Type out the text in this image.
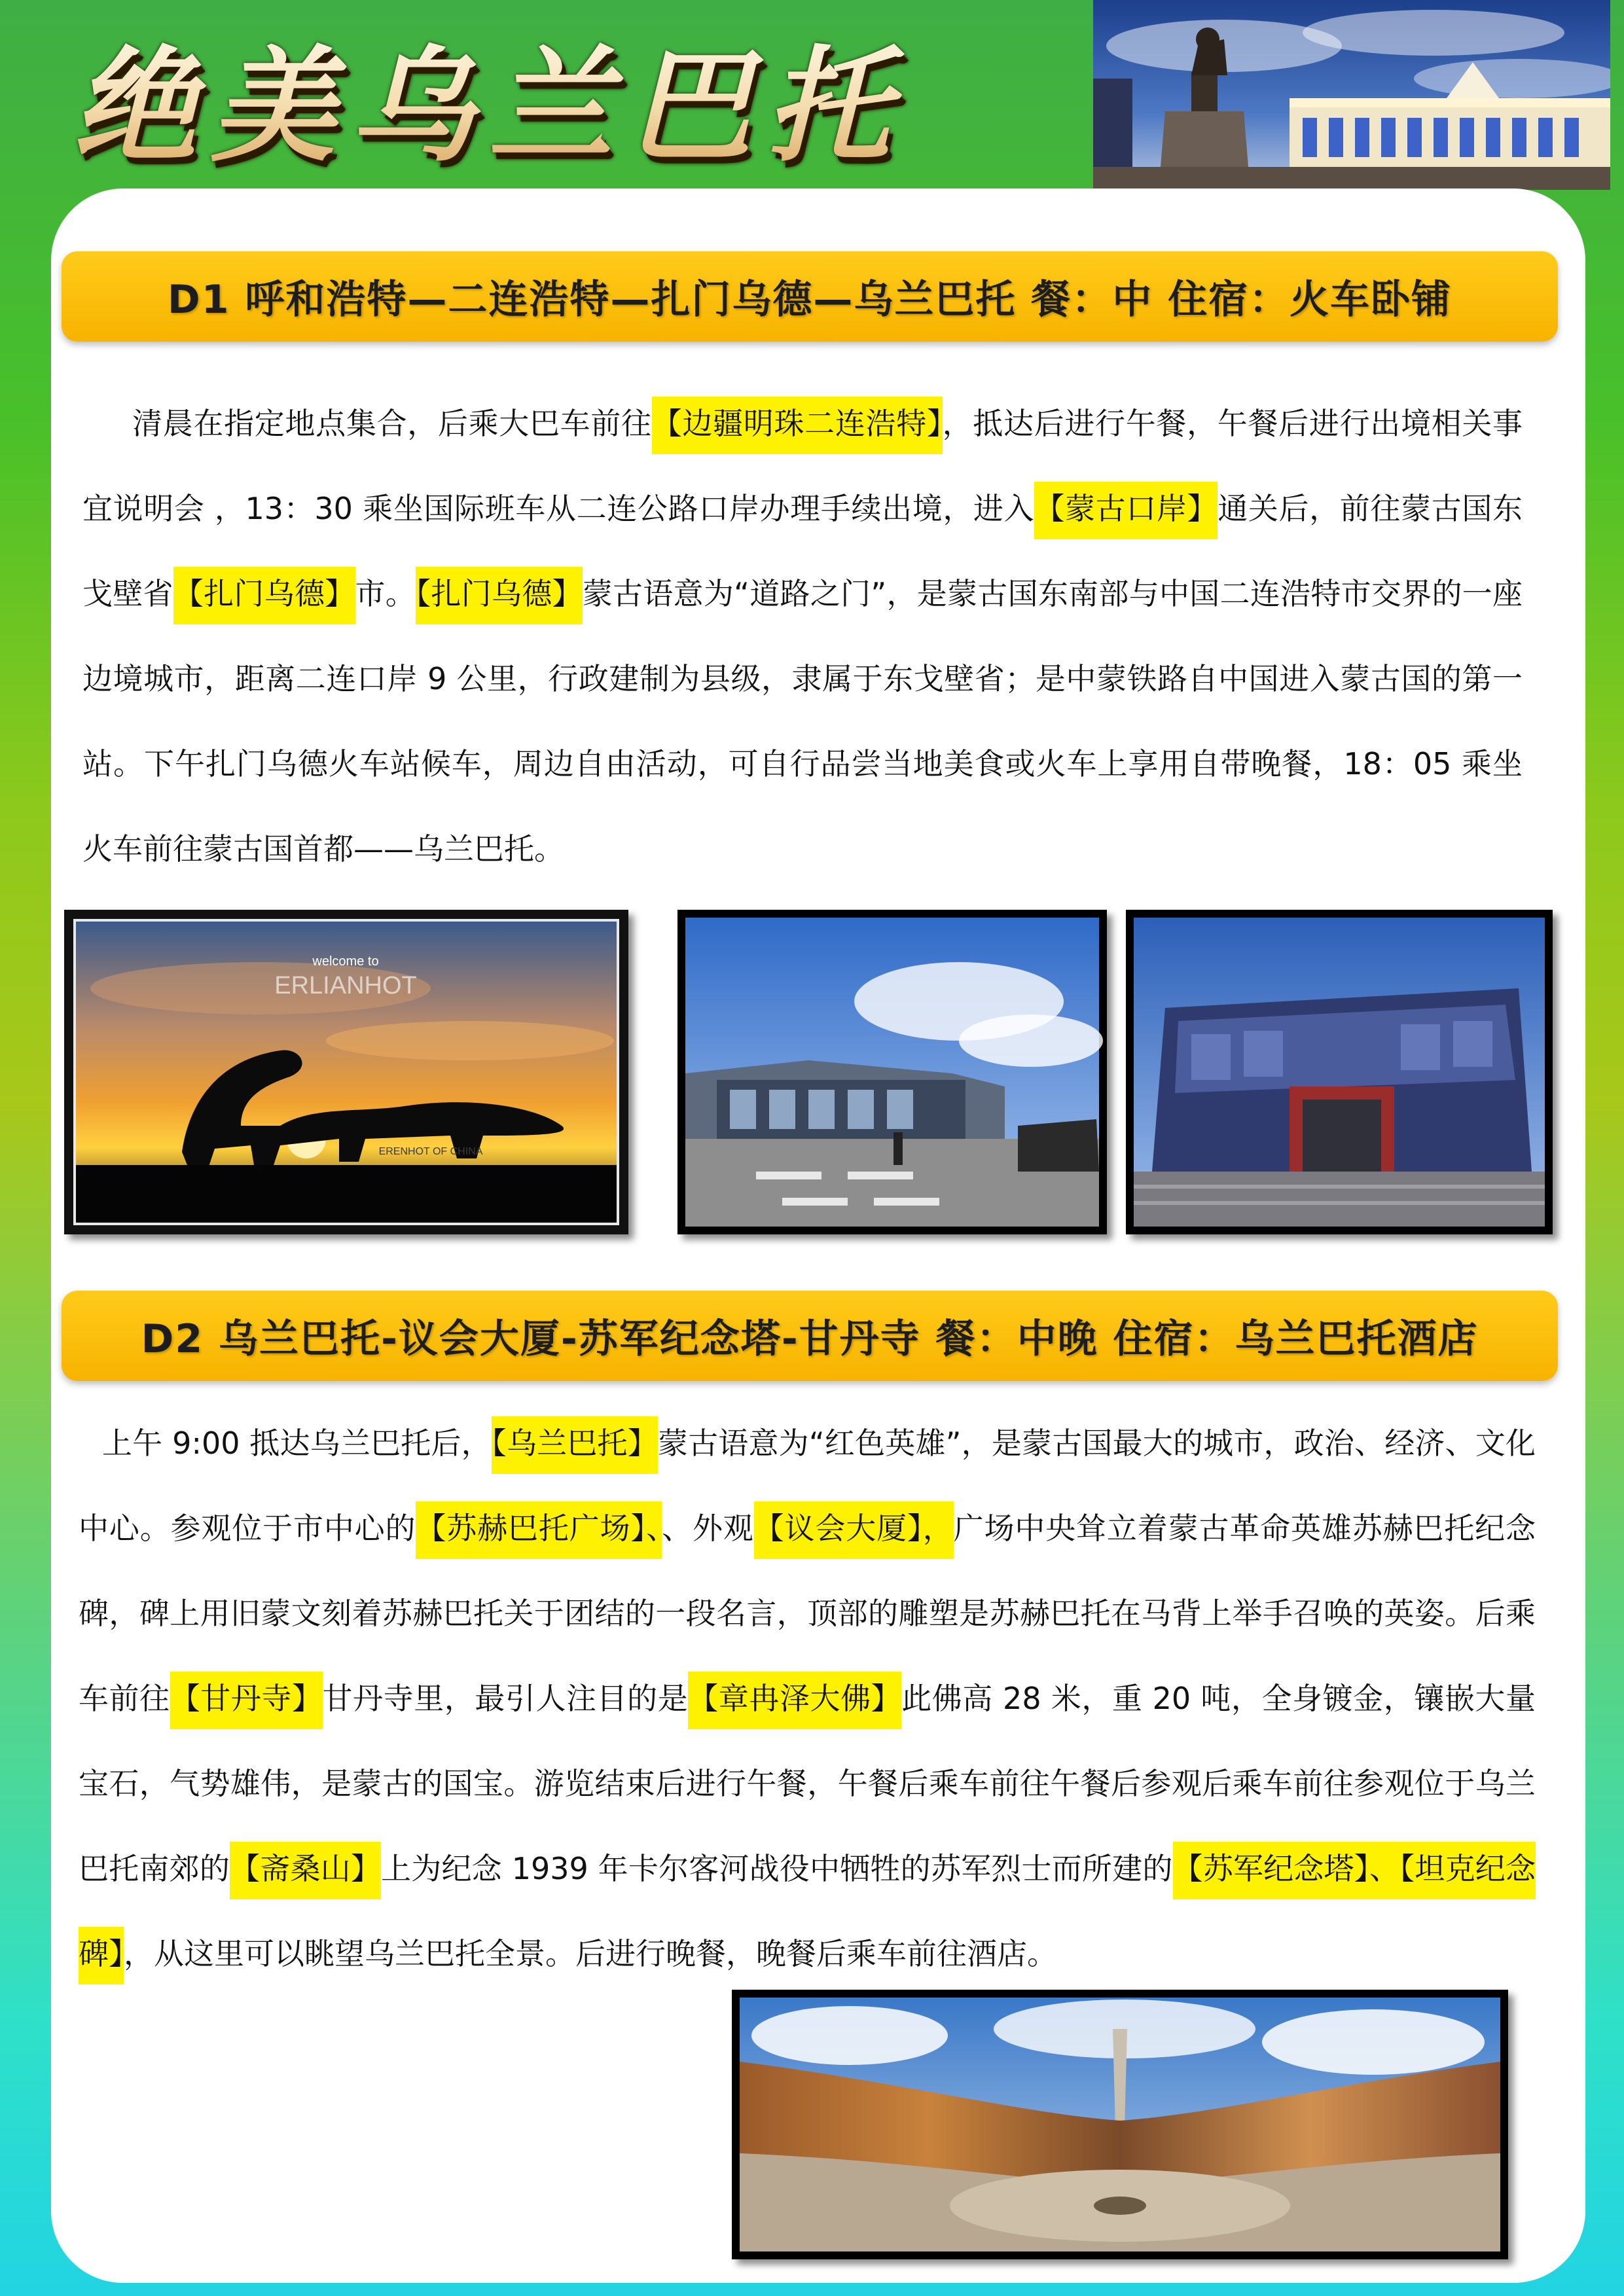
绝美乌兰巴托
D1 呼和浩特—二连浩特—扎门乌德—乌兰巴托 餐：中 住宿：火车卧铺
清晨在指定地点集合，后乘大巴车前往【边疆明珠二连浩特】，抵达后进行午餐，午餐后进行出境相关事宜说明会 ，13：30 乘坐国际班车从二连公路口岸办理手续出境，进入【蒙古口岸】通关后，前往蒙古国东戈壁省【扎门乌德】市。【扎门乌德】蒙古语意为“道路之门”，是蒙古国东南部与中国二连浩特市交界的一座边境城市，距离二连口岸 9 公里，行政建制为县级，隶属于东戈壁省；是中蒙铁路自中国进入蒙古国的第一站。下午扎门乌德火车站候车，周边自由活动，可自行品尝当地美食或火车上享用自带晚餐，18：05 乘坐火车前往蒙古国首都——乌兰巴托。
welcome to
ERLIANHOT
ERENHOT OF CHINA
D2 乌兰巴托-议会大厦-苏军纪念塔-甘丹寺 餐：中晚 住宿：乌兰巴托酒店
上午 9:00 抵达乌兰巴托后，【乌兰巴托】蒙古语意为“红色英雄”，是蒙古国最大的城市，政治、经济、文化中心。参观位于市中心的【苏赫巴托广场】、、外观【议会大厦】，广场中央耸立着蒙古革命英雄苏赫巴托纪念碑，碑上用旧蒙文刻着苏赫巴托关于团结的一段名言，顶部的雕塑是苏赫巴托在马背上举手召唤的英姿。后乘车前往【甘丹寺】甘丹寺里，最引人注目的是【章冉泽大佛】此佛高 28 米，重 20 吨，全身镀金，镶嵌大量宝石，气势雄伟，是蒙古的国宝。游览结束后进行午餐，午餐后乘车前往午餐后参观后乘车前往参观位于乌兰巴托南郊的【斋桑山】上为纪念 1939 年卡尔客河战役中牺牲的苏军烈士而所建的【苏军纪念塔】、【坦克纪念碑】，从这里可以眺望乌兰巴托全景。后进行晚餐，晚餐后乘车前往酒店。
